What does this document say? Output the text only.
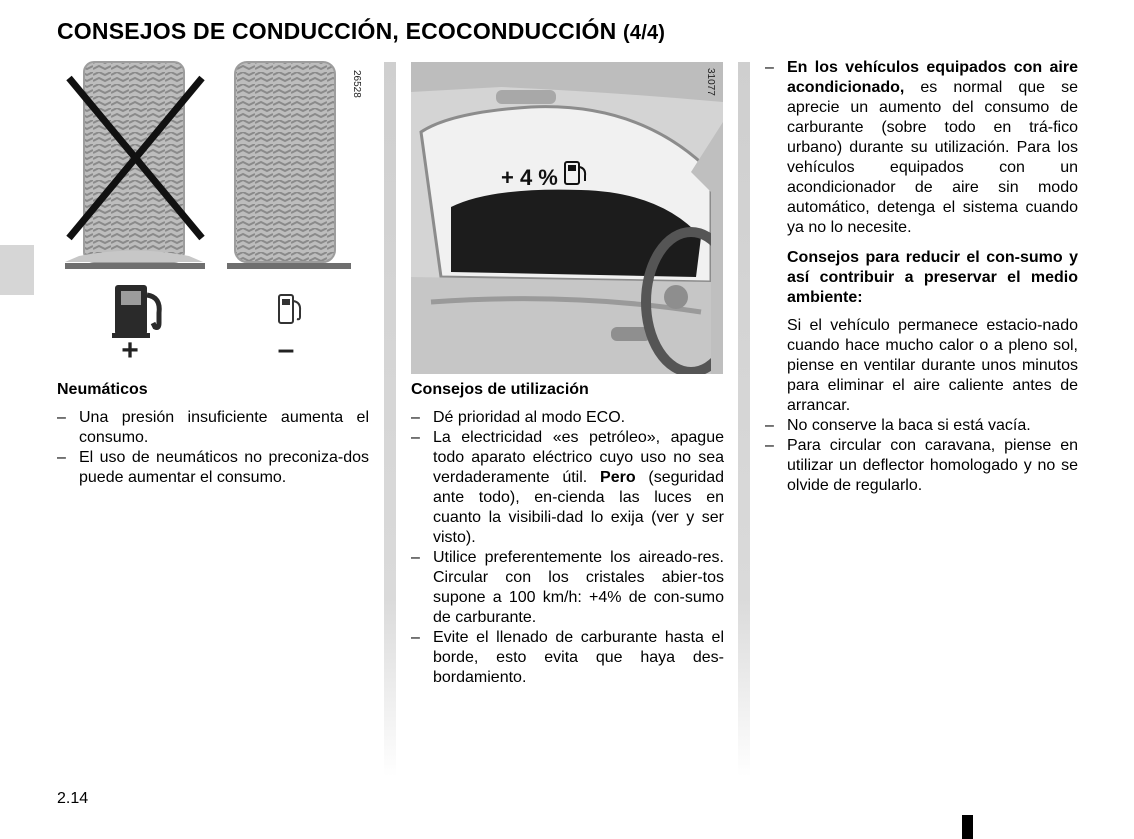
CONSEJOS DE CONDUCCIÓN, ECOCONDUCCIÓN (4/4)
+	–
26528
Neumáticos
– Una presión insuficiente aumenta el consumo.
– El uso de neumáticos no preconiza-dos puede aumentar el consumo.
+ 4 %
31077
Consejos de utilización
– Dé prioridad al modo ECO.
– La electricidad «es petróleo», apague todo aparato eléctrico cuyo uso no sea verdaderamente útil. Pero (seguridad ante todo), en-cienda las luces en cuanto la visibili-dad lo exija (ver y ser visto).
– Utilice preferentemente los aireado-res. Circular con los cristales abier-tos supone a 100 km/h: +4% de con-sumo de carburante.
– Evite el llenado de carburante hasta el borde, esto evita que haya des-bordamiento.
– En los vehículos equipados con aire acondicionado, es normal que se aprecie un aumento del consumo de carburante (sobre todo en trá-fico urbano) durante su utilización. Para los vehículos equipados con un acondicionador de aire sin modo automático, detenga el sistema cuando ya no lo necesite.

Consejos para reducir el con-sumo y así contribuir a preservar el medio ambiente:

Si el vehículo permanece estacio-nado cuando hace mucho calor o a pleno sol, piense en ventilar durante unos minutos para eliminar el aire caliente antes de arrancar.

– No conserve la baca si está vacía.
– Para circular con caravana, piense en utilizar un deflector homologado y no se olvide de regularlo.
2.14
